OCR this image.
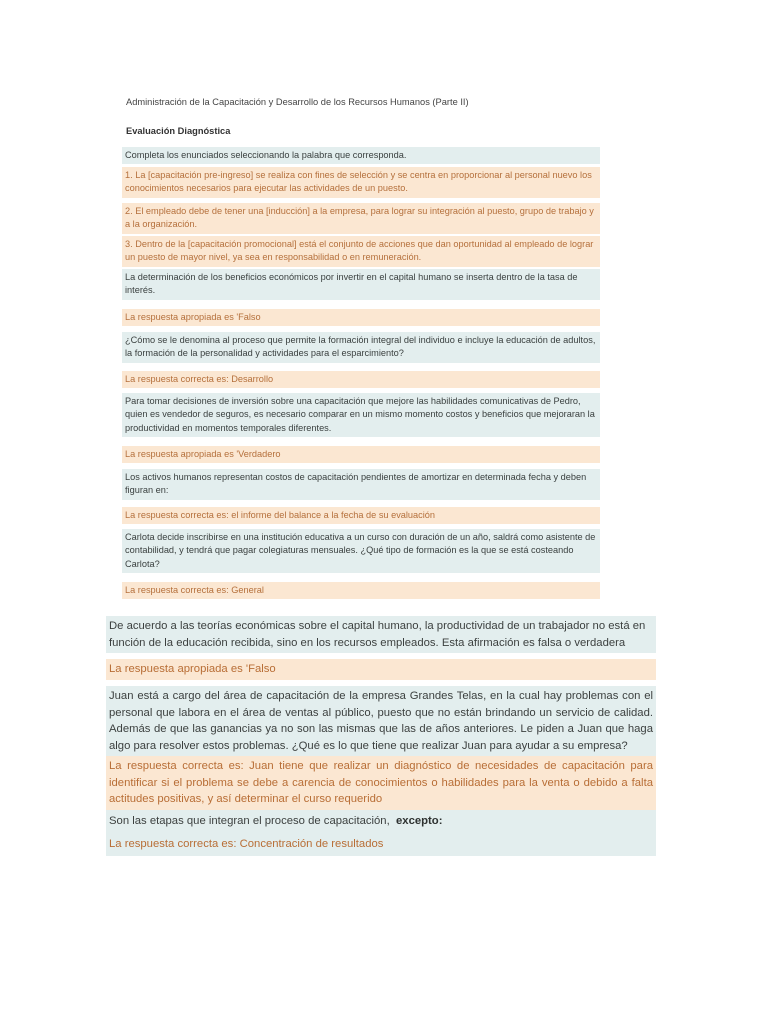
Administración de la Capacitación y Desarrollo de los Recursos Humanos (Parte II)
Evaluación Diagnóstica

Completa los enunciados seleccionando la palabra que corresponda.

1. La [capacitación pre-ingreso] se realiza con fines de selección y se centra en proporcionar al personal nuevo los conocimientos necesarios para ejecutar las actividades de un puesto.

2. El empleado debe de tener una [inducción] a la empresa, para lograr su integración al puesto, grupo de trabajo y a la organización.

3. Dentro de la [capacitación promocional] está el conjunto de acciones que dan oportunidad al empleado de lograr un puesto de mayor nivel, ya sea en responsabilidad o en remuneración.

La determinación de los beneficios económicos por invertir en el capital humano se inserta dentro de la tasa de interés.

La respuesta apropiada es 'Falso

¿Cómo se le denomina al proceso que permite la formación integral del individuo e incluye la educación de adultos, la formación de la personalidad y actividades para el esparcimiento?

La respuesta correcta es: Desarrollo

Para tomar decisiones de inversión sobre una capacitación que mejore las habilidades comunicativas de Pedro, quien es vendedor de seguros, es necesario comparar en un mismo momento costos y beneficios que mejoraran la productividad en momentos temporales diferentes.

La respuesta apropiada es 'Verdadero

Los activos humanos representan costos de capacitación pendientes de amortizar en determinada fecha y deben figuran en:

La respuesta correcta es: el informe del balance a la fecha de su evaluación

Carlota decide inscribirse en una institución educativa a un curso con duración de un año, saldrá como asistente de contabilidad, y tendrá que pagar colegiaturas mensuales. ¿Qué tipo de formación es la que se está costeando Carlota?

La respuesta correcta es: General

De acuerdo a las teorías económicas sobre el capital humano, la productividad de un trabajador no está en función de la educación recibida, sino en los recursos empleados. Esta afirmación es falsa o verdadera

La respuesta apropiada es 'Falso

Juan está a cargo del área de capacitación de la empresa Grandes Telas, en la cual hay problemas con el personal que labora en el área de ventas al público, puesto que no están brindando un servicio de calidad. Además de que las ganancias ya no son las mismas que las de años anteriores. Le piden a Juan que haga algo para resolver estos problemas. ¿Qué es lo que tiene que realizar Juan para ayudar a su empresa?

La respuesta correcta es: Juan tiene que realizar un diagnóstico de necesidades de capacitación para identificar si el problema se debe a carencia de conocimientos o habilidades para la venta o debido a falta actitudes positivas, y así determinar el curso requerido

Son las etapas que integran el proceso de capacitación, excepto:

La respuesta correcta es: Concentración de resultados
